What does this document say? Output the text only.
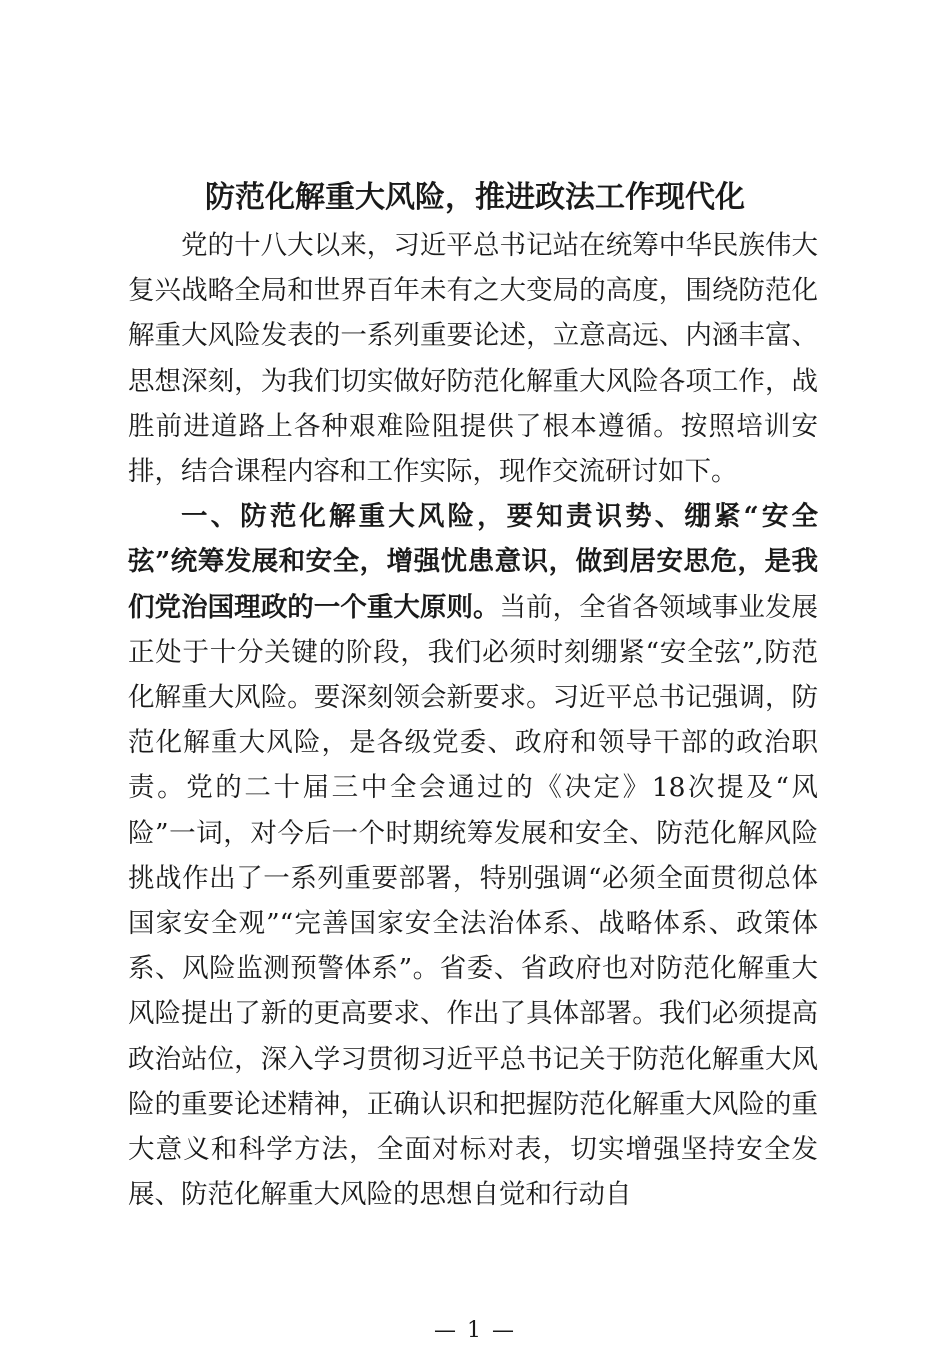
防范化解重大风险，推进政法工作现代化

党的十八大以来，习近平总书记站在统筹中华民族伟大复兴战略全局和世界百年未有之大变局的高度，围绕防范化解重大风险发表的一系列重要论述，立意高远、内涵丰富、思想深刻，为我们切实做好防范化解重大风险各项工作，战胜前进道路上各种艰难险阻提供了根本遵循。按照培训安排，结合课程内容和工作实际，现作交流研讨如下。

一、防范化解重大风险，要知责识势、绷紧“安全弦”统筹发展和安全，增强忧患意识，做到居安思危，是我们党治国理政的一个重大原则。当前，全省各领域事业发展正处于十分关键的阶段，我们必须时刻绷紧“安全弦”,防范化解重大风险。要深刻领会新要求。习近平总书记强调，防范化解重大风险，是各级党委、政府和领导干部的政治职责。党的二十届三中全会通过的《决定》18次提及“风险”一词，对今后一个时期统筹发展和安全、防范化解风险挑战作出了一系列重要部署，特别强调“必须全面贯彻总体国家安全观”“完善国家安全法治体系、战略体系、政策体系、风险监测预警体系”。省委、省政府也对防范化解重大风险提出了新的更高要求、作出了具体部署。我们必须提高政治站位，深入学习贯彻习近平总书记关于防范化解重大风险的重要论述精神，正确认识和把握防范化解重大风险的重大意义和科学方法，全面对标对表，切实增强坚持安全发展、防范化解重大风险的思想自觉和行动自

— 1 —
